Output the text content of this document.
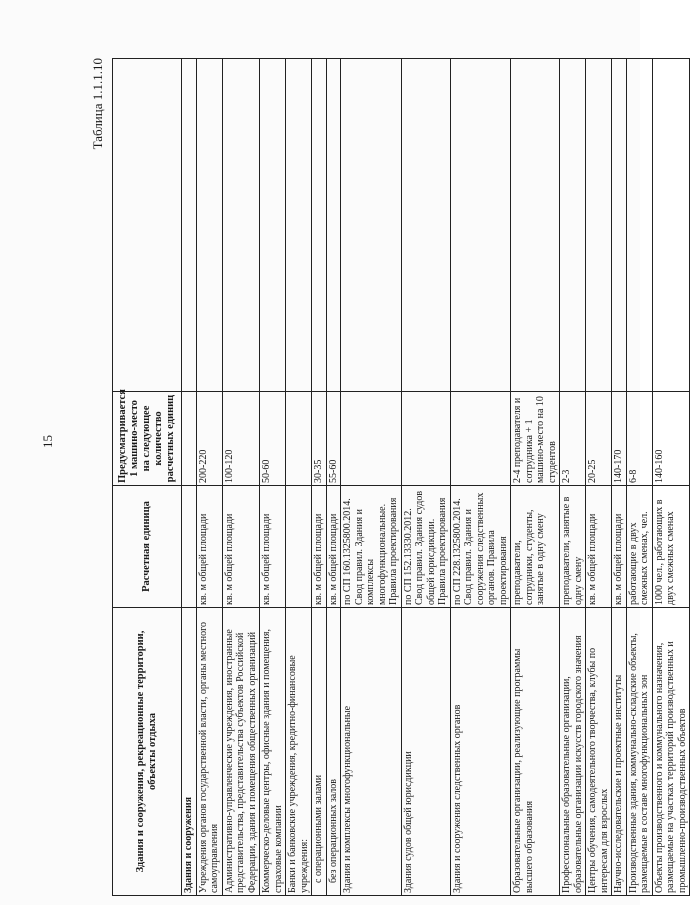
15
Таблица 1.1.1.10
Здания и сооружения, рекреационные территории, объекты отдыха	Расчетная единица	Предусматривается 1 машино-место на следующее количество расчетных единиц	
Здания и сооружения			
Учреждения органов государственной власти, органы местного самоуправления	кв. м общей площади	200-220	
Административно-управленческие учреждения, иностранные представительства, представительства субъектов Российской Федерации, здания и помещения общественных организаций	кв. м общей площади	100-120	
Коммерческо-деловые центры, офисные здания и помещения, страховые компании	кв. м общей площади	50-60	
Банки и банковские учреждения, кредитно-финансовые учреждения:			
с операционными залами	кв. м общей площади	30-35	
без операционных залов	кв. м общей площади	55-60	
Здания и комплексы многофункциональные	по СП 160.1325800.2014. Свод правил. Здания и комплексы многофункциональные. Правила проектирования		
Здания судов общей юрисдикции	по СП 152.13330.2012. Свод правил. Здания судов общей юрисдикции. Правила проектирования		
Здания и сооружения следственных органов	по СП 228.1325800.2014. Свод правил. Здания и сооружения следственных органов. Правила проектирования		
Образовательные организации, реализующие программы высшего образования	преподаватели, сотрудники, студенты, занятые в одну смену	2-4 преподавателя и сотрудника + 1 машино-место на 10 студентов	
Профессиональные образовательные организации, образовательные организации искусств городского значения	преподаватели, занятые в одну смену	2-3	
Центры обучения, самодеятельного творчества, клубы по интересам для взрослых	кв. м общей площади	20-25	
Научно-исследовательские и проектные институты	кв. м общей площади	140-170	
Производственные здания, коммунально-складские объекты, размещаемые в составе многофункциональных зон	работающие в двух смежных сменах, чел.	6-8	
Объекты производственного и коммунального назначения, размещаемые на участках территорий производственных и промышленно-производственных объектов	1000 чел., работающих в двух смежных сменах	140-160	
